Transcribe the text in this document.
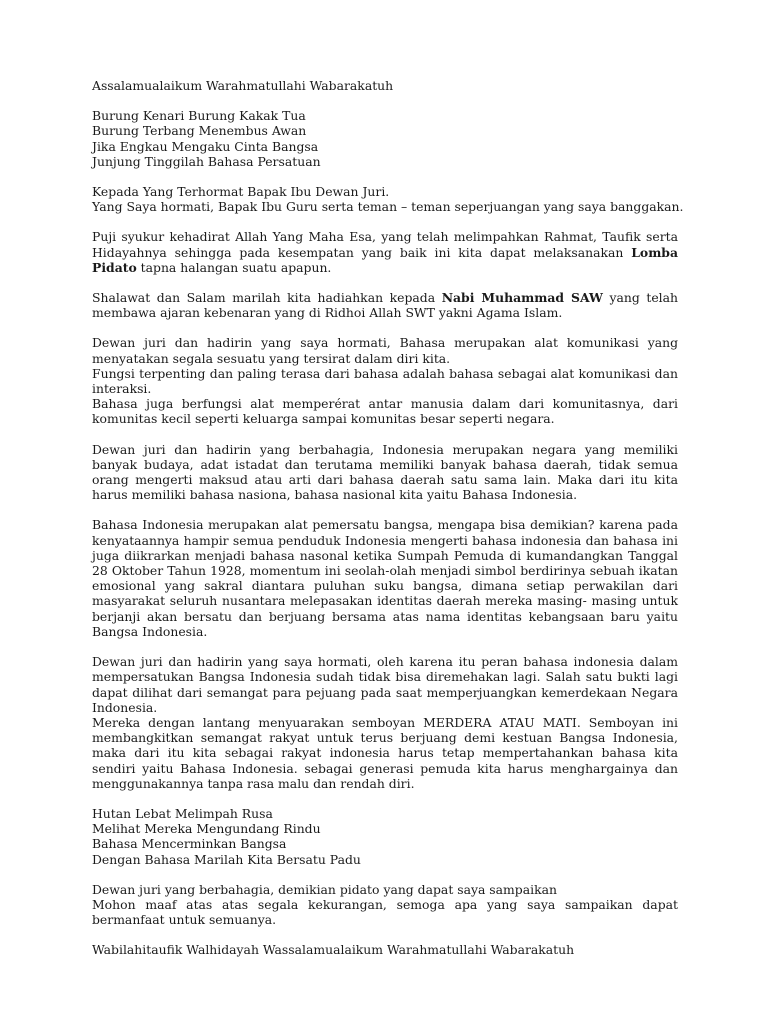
Assalamualaikum Warahmatullahi Wabarakatuh

Burung Kenari Burung Kakak Tua
Burung Terbang Menembus Awan
Jika Engkau Mengaku Cinta Bangsa
Junjung Tinggilah Bahasa Persatuan

Kepada Yang Terhormat Bapak Ibu Dewan Juri.
Yang Saya hormati, Bapak Ibu Guru serta teman – teman seperjuangan yang saya banggakan.

Puji syukur kehadirat Allah Yang Maha Esa, yang telah melimpahkan Rahmat, Taufik serta Hidayahnya sehingga pada kesempatan yang baik ini kita dapat melaksanakan Lomba Pidato tapna halangan suatu apapun.

Shalawat dan Salam marilah kita hadiahkan kepada Nabi Muhammad SAW yang telah membawa ajaran kebenaran yang di Ridhoi Allah SWT yakni Agama Islam.

Dewan juri dan hadirin yang saya hormati, Bahasa merupakan alat komunikasi yang menyatakan segala sesuatu yang tersirat dalam diri kita.
Fungsi terpenting dan paling terasa dari bahasa adalah bahasa sebagai alat komunikasi dan interaksi.
Bahasa juga berfungsi alat memperérat antar manusia dalam dari komunitasnya, dari komunitas kecil seperti keluarga sampai komunitas besar seperti negara.

Dewan juri dan hadirin yang berbahagia, Indonesia merupakan negara yang memiliki banyak budaya, adat istadat dan terutama memiliki banyak bahasa daerah, tidak semua orang mengerti maksud atau arti dari bahasa daerah satu sama lain. Maka dari itu kita harus memiliki bahasa nasiona, bahasa nasional kita yaitu Bahasa Indonesia.

Bahasa Indonesia merupakan alat pemersatu bangsa, mengapa bisa demikian? karena pada kenyataannya hampir semua penduduk Indonesia mengerti bahasa indonesia dan bahasa ini juga diikrarkan menjadi bahasa nasonal ketika Sumpah Pemuda di kumandangkan Tanggal 28 Oktober Tahun 1928, momentum ini seolah-olah menjadi simbol berdirinya sebuah ikatan emosional yang sakral diantara puluhan suku bangsa, dimana setiap perwakilan dari masyarakat seluruh nusantara melepasakan identitas daerah mereka masing- masing untuk berjanji akan bersatu dan berjuang bersama atas nama identitas kebangsaan baru yaitu Bangsa Indonesia.

Dewan juri dan hadirin yang saya hormati, oleh karena itu peran bahasa indonesia dalam mempersatukan Bangsa Indonesia sudah tidak bisa diremehakan lagi. Salah satu bukti lagi dapat dilihat dari semangat para pejuang pada saat memperjuangkan kemerdekaan Negara Indonesia.
Mereka dengan lantang menyuarakan semboyan MERDERA ATAU MATI. Semboyan ini membangkitkan semangat rakyat untuk terus berjuang demi kestuan Bangsa Indonesia, maka dari itu kita sebagai rakyat indonesia harus tetap mempertahankan bahasa kita sendiri yaitu Bahasa Indonesia. sebagai generasi pemuda kita harus menghargainya dan menggunakannya tanpa rasa malu dan rendah diri.

Hutan Lebat Melimpah Rusa
Melihat Mereka Mengundang Rindu
Bahasa Mencerminkan Bangsa
Dengan Bahasa Marilah Kita Bersatu Padu

Dewan juri yang berbahagia, demikian pidato yang dapat saya sampaikan
Mohon maaf atas atas segala kekurangan, semoga apa yang saya sampaikan dapat bermanfaat untuk semuanya.

Wabilahitaufik Walhidayah Wassalamualaikum Warahmatullahi Wabarakatuh
